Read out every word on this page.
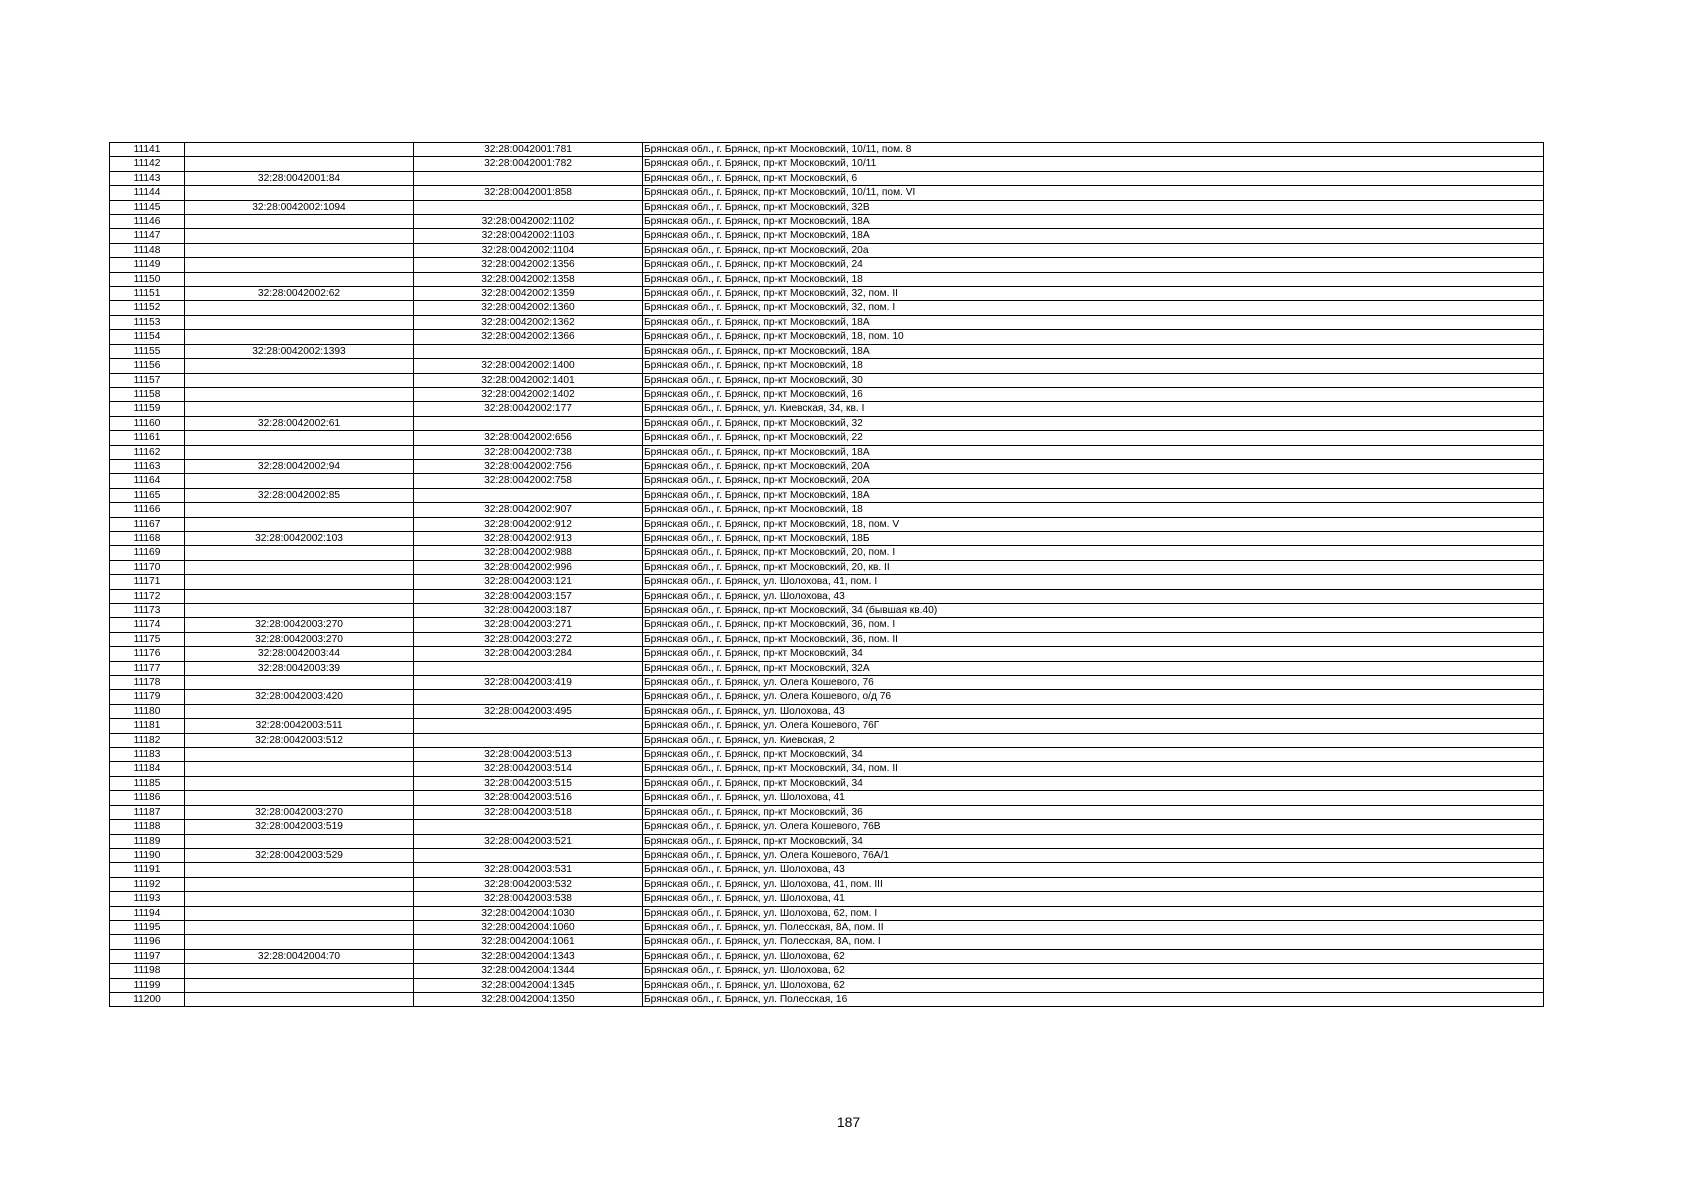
11141		32:28:0042001:781	Брянская обл., г. Брянск, пр-кт Московский, 10/11, пом. 8
11142		32:28:0042001:782	Брянская обл., г. Брянск, пр-кт Московский, 10/11
11143	32:28:0042001:84		Брянская обл., г. Брянск, пр-кт Московский, 6
11144		32:28:0042001:858	Брянская обл., г. Брянск, пр-кт Московский, 10/11, пом. VI
11145	32:28:0042002:1094		Брянская обл., г. Брянск, пр-кт Московский, 32В
11146		32:28:0042002:1102	Брянская обл., г. Брянск, пр-кт Московский, 18А
11147		32:28:0042002:1103	Брянская обл., г. Брянск, пр-кт Московский, 18А
11148		32:28:0042002:1104	Брянская обл., г. Брянск, пр-кт Московский, 20а
11149		32:28:0042002:1356	Брянская обл., г. Брянск, пр-кт Московский, 24
11150		32:28:0042002:1358	Брянская обл., г. Брянск, пр-кт Московский, 18
11151	32:28:0042002:62	32:28:0042002:1359	Брянская обл., г. Брянск, пр-кт Московский, 32, пом. II
11152		32:28:0042002:1360	Брянская обл., г. Брянск, пр-кт Московский, 32, пом. I
11153		32:28:0042002:1362	Брянская обл., г. Брянск, пр-кт Московский, 18А
11154		32:28:0042002:1366	Брянская обл., г. Брянск, пр-кт Московский, 18, пом. 10
11155	32:28:0042002:1393		Брянская обл., г. Брянск, пр-кт Московский, 18А
11156		32:28:0042002:1400	Брянская обл., г. Брянск, пр-кт Московский, 18
11157		32:28:0042002:1401	Брянская обл., г. Брянск, пр-кт Московский, 30
11158		32:28:0042002:1402	Брянская обл., г. Брянск, пр-кт Московский, 16
11159		32:28:0042002:177	Брянская обл., г. Брянск, ул. Киевская, 34, кв. I
11160	32:28:0042002:61		Брянская обл., г. Брянск, пр-кт Московский, 32
11161		32:28:0042002:656	Брянская обл., г. Брянск, пр-кт Московский, 22
11162		32:28:0042002:738	Брянская обл., г. Брянск, пр-кт Московский, 18А
11163	32:28:0042002:94	32:28:0042002:756	Брянская обл., г. Брянск, пр-кт Московский, 20А
11164		32:28:0042002:758	Брянская обл., г. Брянск, пр-кт Московский, 20А
11165	32:28:0042002:85		Брянская обл., г. Брянск, пр-кт Московский, 18А
11166		32:28:0042002:907	Брянская обл., г. Брянск, пр-кт Московский, 18
11167		32:28:0042002:912	Брянская обл., г. Брянск, пр-кт Московский, 18, пом. V
11168	32:28:0042002:103	32:28:0042002:913	Брянская обл., г. Брянск, пр-кт Московский, 18Б
11169		32:28:0042002:988	Брянская обл., г. Брянск, пр-кт Московский, 20, пом. I
11170		32:28:0042002:996	Брянская обл., г. Брянск, пр-кт Московский, 20, кв. II
11171		32:28:0042003:121	Брянская обл., г. Брянск, ул. Шолохова, 41, пом. I
11172		32:28:0042003:157	Брянская обл., г. Брянск, ул. Шолохова, 43
11173		32:28:0042003:187	Брянская обл., г. Брянск, пр-кт Московский, 34 (бывшая кв.40)
11174	32:28:0042003:270	32:28:0042003:271	Брянская обл., г. Брянск, пр-кт Московский, 36, пом. I
11175	32:28:0042003:270	32:28:0042003:272	Брянская обл., г. Брянск, пр-кт Московский, 36, пом. II
11176	32:28:0042003:44	32:28:0042003:284	Брянская обл., г. Брянск, пр-кт Московский, 34
11177	32:28:0042003:39		Брянская обл., г. Брянск, пр-кт Московский, 32А
11178		32:28:0042003:419	Брянская обл., г. Брянск, ул. Олега Кошевого, 76
11179	32:28:0042003:420		Брянская обл., г. Брянск, ул. Олега Кошевого, о/д 76
11180		32:28:0042003:495	Брянская обл., г. Брянск, ул. Шолохова, 43
11181	32:28:0042003:511		Брянская обл., г. Брянск, ул. Олега Кошевого, 76Г
11182	32:28:0042003:512		Брянская обл., г. Брянск, ул. Киевская, 2
11183		32:28:0042003:513	Брянская обл., г. Брянск, пр-кт Московский, 34
11184		32:28:0042003:514	Брянская обл., г. Брянск, пр-кт Московский, 34, пом. II
11185		32:28:0042003:515	Брянская обл., г. Брянск, пр-кт Московский, 34
11186		32:28:0042003:516	Брянская обл., г. Брянск, ул. Шолохова, 41
11187	32:28:0042003:270	32:28:0042003:518	Брянская обл., г. Брянск, пр-кт Московский, 36
11188	32:28:0042003:519		Брянская обл., г. Брянск, ул. Олега Кошевого, 76В
11189		32:28:0042003:521	Брянская обл., г. Брянск, пр-кт Московский, 34
11190	32:28:0042003:529		Брянская обл., г. Брянск, ул. Олега Кошевого, 76А/1
11191		32:28:0042003:531	Брянская обл., г. Брянск, ул. Шолохова, 43
11192		32:28:0042003:532	Брянская обл., г. Брянск, ул. Шолохова, 41, пом. III
11193		32:28:0042003:538	Брянская обл., г. Брянск, ул. Шолохова, 41
11194		32:28:0042004:1030	Брянская обл., г. Брянск, ул. Шолохова, 62, пом. I
11195		32:28:0042004:1060	Брянская обл., г. Брянск, ул. Полесская, 8А, пом. II
11196		32:28:0042004:1061	Брянская обл., г. Брянск, ул. Полесская, 8А, пом. I
11197	32:28:0042004:70	32:28:0042004:1343	Брянская обл., г. Брянск, ул. Шолохова, 62
11198		32:28:0042004:1344	Брянская обл., г. Брянск, ул. Шолохова, 62
11199		32:28:0042004:1345	Брянская обл., г. Брянск, ул. Шолохова, 62
11200		32:28:0042004:1350	Брянская обл., г. Брянск, ул. Полесская, 16
187
